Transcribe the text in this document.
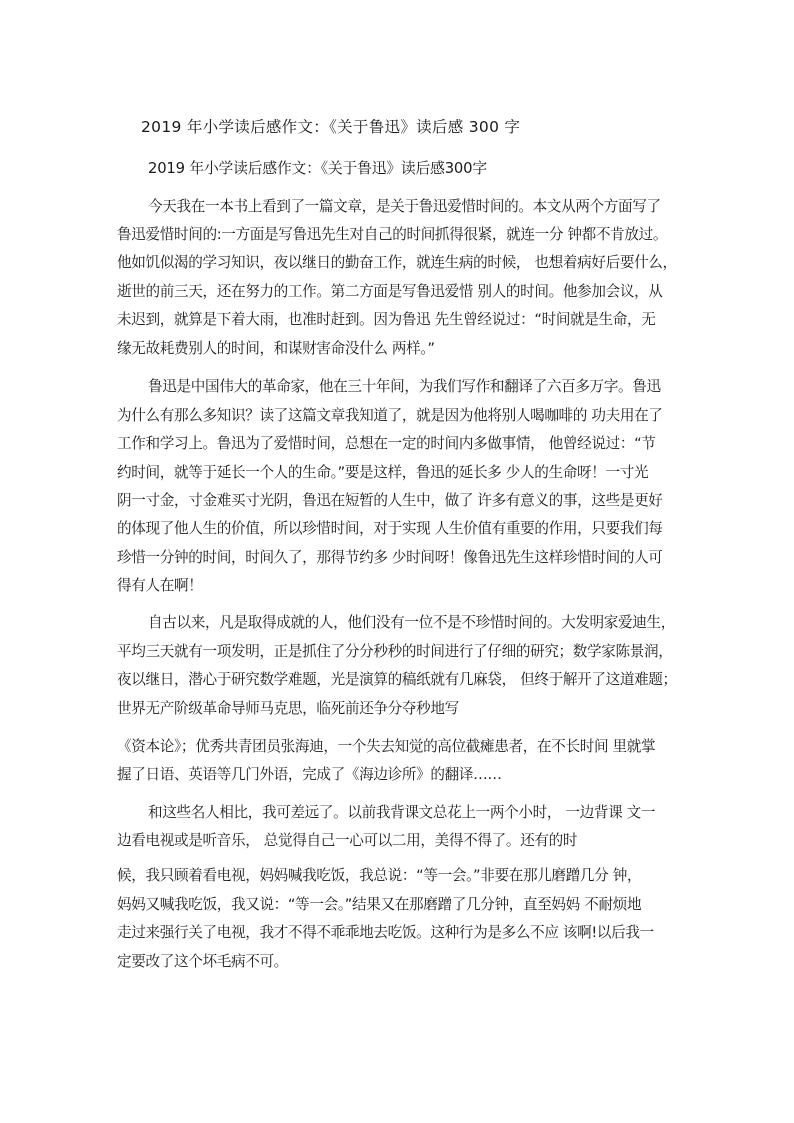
2019 年小学读后感作文：《关于鲁迅》读后感 300 字
2019 年小学读后感作文：《关于鲁迅》读后感300字
今天我在一本书上看到了一篇文章，是关于鲁迅爱惜时间的。本文从两个方面写了
鲁迅爱惜时间的:一方面是写鲁迅先生对自己的时间抓得很紧，就连一分 钟都不肯放过。
他如饥似渴的学习知识，夜以继日的勤奋工作，就连生病的时候， 也想着病好后要什么，
逝世的前三天，还在努力的工作。第二方面是写鲁迅爱惜 别人的时间。他参加会议，从
未迟到，就算是下着大雨，也准时赶到。因为鲁迅 先生曾经说过：“时间就是生命，无
缘无故耗费别人的时间，和谋财害命没什么 两样。”
鲁迅是中国伟大的革命家，他在三十年间，为我们写作和翻译了六百多万字。鲁迅
为什么有那么多知识？读了这篇文章我知道了，就是因为他将别人喝咖啡的 功夫用在了
工作和学习上。鲁迅为了爱惜时间，总想在一定的时间内多做事情， 他曾经说过：“节
约时间，就等于延长一个人的生命。”要是这样，鲁迅的延长多 少人的生命呀！一寸光
阴一寸金，寸金难买寸光阴，鲁迅在短暂的人生中，做了 许多有意义的事，这些是更好
的体现了他人生的价值，所以珍惜时间，对于实现 人生价值有重要的作用，只要我们每
珍惜一分钟的时间，时间久了，那得节约多 少时间呀！像鲁迅先生这样珍惜时间的人可
得有人在啊！
自古以来，凡是取得成就的人，他们没有一位不是不珍惜时间的。大发明家爱迪生，
平均三天就有一项发明，正是抓住了分分秒秒的时间进行了仔细的研究；数学家陈景润，
夜以继日，潜心于研究数学难题，光是演算的稿纸就有几麻袋， 但终于解开了这道难题；
世界无产阶级革命导师马克思，临死前还争分夺秒地写
《资本论》；优秀共青团员张海迪，一个失去知觉的高位截瘫患者，在不长时间 里就掌
握了日语、英语等几门外语，完成了《海边诊所》的翻译……
和这些名人相比，我可差远了。以前我背课文总花上一两个小时， 一边背课 文一
边看电视或是听音乐， 总觉得自己一心可以二用，美得不得了。还有的时
候，我只顾着看电视，妈妈喊我吃饭，我总说：“等一会。”非要在那儿磨蹭几分 钟，
妈妈又喊我吃饭，我又说：“等一会。”结果又在那磨蹭了几分钟，直至妈妈 不耐烦地
走过来强行关了电视，我才不得不乖乖地去吃饭。这种行为是多么不应 该啊!以后我一
定要改了这个坏毛病不可。
